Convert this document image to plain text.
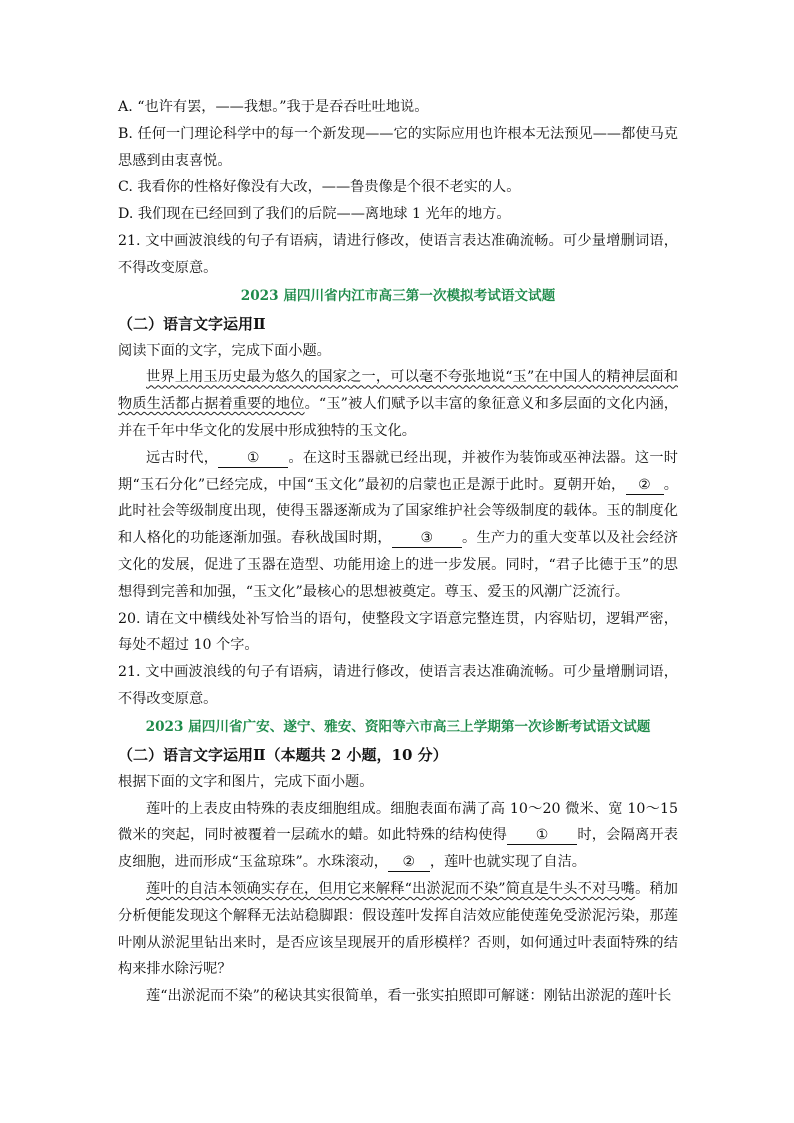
A. “也许有罢，——我想。”我于是吞吞吐吐地说。

B. 任何一门理论科学中的每一个新发现——它的实际应用也许根本无法预见——都使马克思感到由衷喜悦。

C. 我看你的性格好像没有大改，——鲁贵像是个很不老实的人。

D. 我们现在已经回到了我们的后院——离地球 1 光年的地方。

21. 文中画波浪线的句子有语病，请进行修改，使语言表达准确流畅。可少量增删词语，不得改变原意。

2023 届四川省内江市高三第一次模拟考试语文试题

（二）语言文字运用Ⅱ

阅读下面的文字，完成下面小题。

世界上用玉历史最为悠久的国家之一，可以毫不夸张地说“玉”在中国人的精神层面和物质生活都占据着重要的地位。“玉”被人们赋予以丰富的象征意义和多层面的文化内涵，并在千年中华文化的发展中形成独特的玉文化。

远古时代， ① 。在这时玉器就已经出现，并被作为装饰或巫神法器。这一时期“玉石分化”已经完成，中国“玉文化”最初的启蒙也正是源于此时。夏朝开始， ② 。此时社会等级制度出现，使得玉器逐渐成为了国家维护社会等级制度的载体。玉的制度化和人格化的功能逐渐加强。春秋战国时期， ③ 。生产力的重大变革以及社会经济文化的发展，促进了玉器在造型、功能用途上的进一步发展。同时，“君子比德于玉”的思想得到完善和加强，“玉文化”最核心的思想被奠定。尊玉、爱玉的风潮广泛流行。

20. 请在文中横线处补写恰当的语句，使整段文字语意完整连贯，内容贴切，逻辑严密，每处不超过 10 个字。

21. 文中画波浪线的句子有语病，请进行修改，使语言表达准确流畅。可少量增删词语，不得改变原意。

2023 届四川省广安、遂宁、雅安、资阳等六市高三上学期第一次诊断考试语文试题

（二）语言文字运用Ⅱ（本题共 2 小题，10 分）

根据下面的文字和图片，完成下面小题。

莲叶的上表皮由特殊的表皮细胞组成。细胞表面布满了高 10～20 微米、宽 10～15 微米的突起，同时被覆着一层疏水的蜡。如此特殊的结构使得 ① 时，会隔离开表皮细胞，进而形成“玉盆琼珠”。水珠滚动， ② ，莲叶也就实现了自洁。

莲叶的自洁本领确实存在，但用它来解释“出淤泥而不染”简直是牛头不对马嘴。稍加分析便能发现这个解释无法站稳脚跟：假设莲叶发挥自洁效应能使莲免受淤泥污染，那莲叶刚从淤泥里钻出来时，是否应该呈现展开的盾形模样？否则，如何通过叶表面特殊的结构来排水除污呢？

莲“出淤泥而不染”的秘诀其实很简单，看一张实拍照即可解谜：刚钻出淤泥的莲叶长
